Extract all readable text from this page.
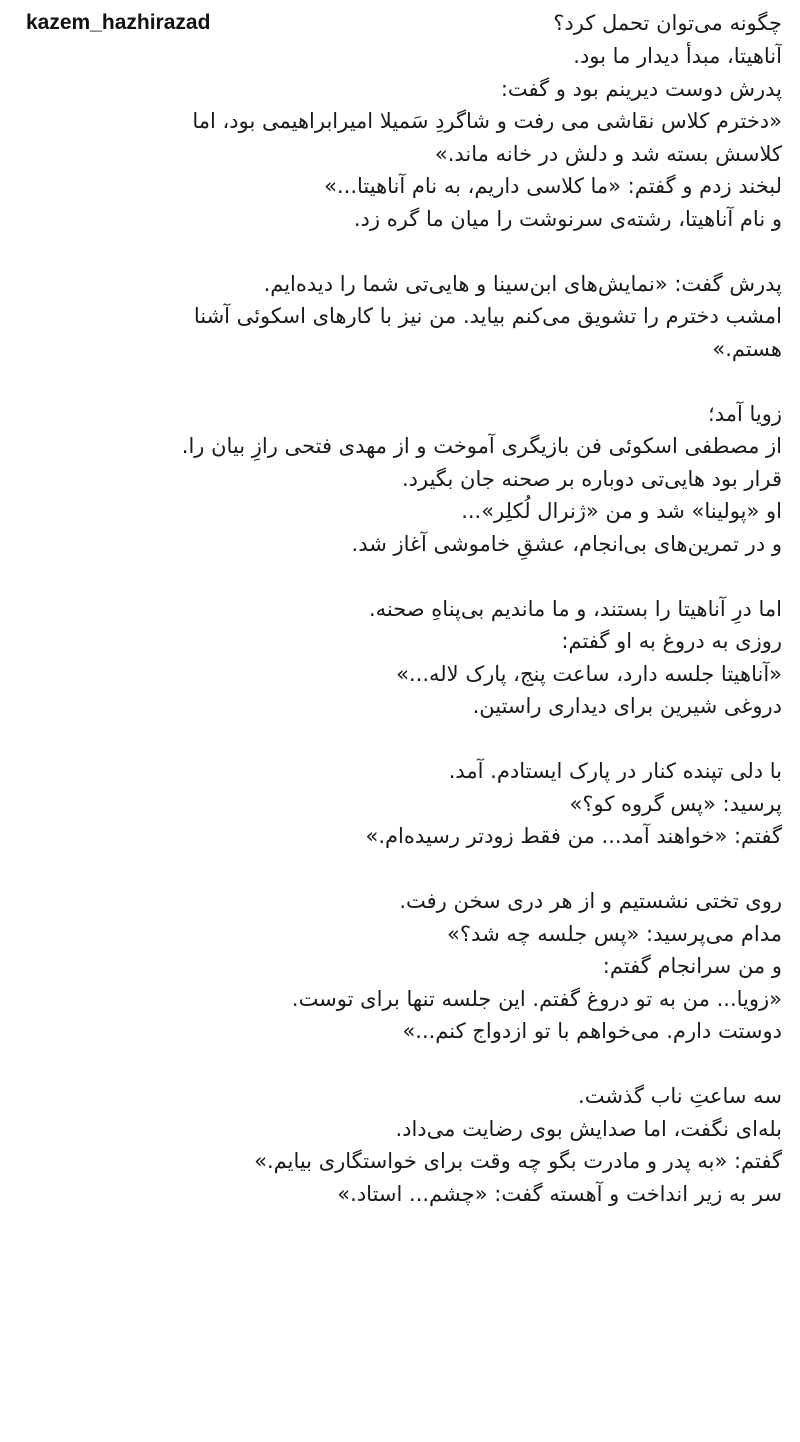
kazem_hazhirazad	چگونه می‌توان تحمل کرد؟
آناهیتا، مبدأ دیدار ما بود.
پدرش دوست دیرینم بود و گفت:
«دخترم کلاس نقاشی می رفت و شاگردِ سَمیلا امیرابراهیمی بود، اما
کلاسش بسته شد و دلش در خانه ماند.»
لبخند زدم و گفتم: «ما کلاسی داریم، به نام آناهیتا...»
و نام آناهیتا، رشته‌ی سرنوشت را میان ما گره زد.
پدرش گفت: «نمایش‌های ابن‌سینا و هایی‌تی شما را دیده‌ایم.
امشب دخترم را تشویق می‌کنم بیاید. من نیز با کارهای اسکوئی آشنا
هستم.»
زویا آمد؛
از مصطفی اسکوئی فن بازیگری آموخت و از مهدی فتحی رازِ بیان را.
قرار بود هایی‌تی دوباره بر صحنه جان بگیرد.
او «پولینا» شد و من «ژنرال لُکلِر»...
و در تمرین‌های بی‌انجام، عشقِ خاموشی آغاز شد.
اما درِ آناهیتا را بستند، و ما ماندیم بی‌پناهِ صحنه.
روزی به دروغ به او گفتم:
«آناهیتا جلسه دارد، ساعت پنج، پارک لاله...»
دروغی شیرین برای دیداری راستین.
با دلی تپنده کنار در پارک ایستادم. آمد.
پرسید: «پس گروه کو؟»
گفتم: «خواهند آمد... من فقط زودتر رسیده‌ام.»
روی تختی نشستیم و از هر دری سخن رفت.
مدام می‌پرسید: «پس جلسه چه شد؟»
و من سرانجام گفتم:
«زویا... من به تو دروغ گفتم. این جلسه تنها برای توست.
دوستت دارم. می‌خواهم با تو ازدواج کنم...»
سه ساعتِ ناب گذشت.
بله‌ای نگفت، اما صدایش بوی رضایت می‌داد.
گفتم: «به پدر و مادرت بگو چه وقت برای خواستگاری بیایم.»
سر به زیر انداخت و آهسته گفت: «چشم... استاد.»
